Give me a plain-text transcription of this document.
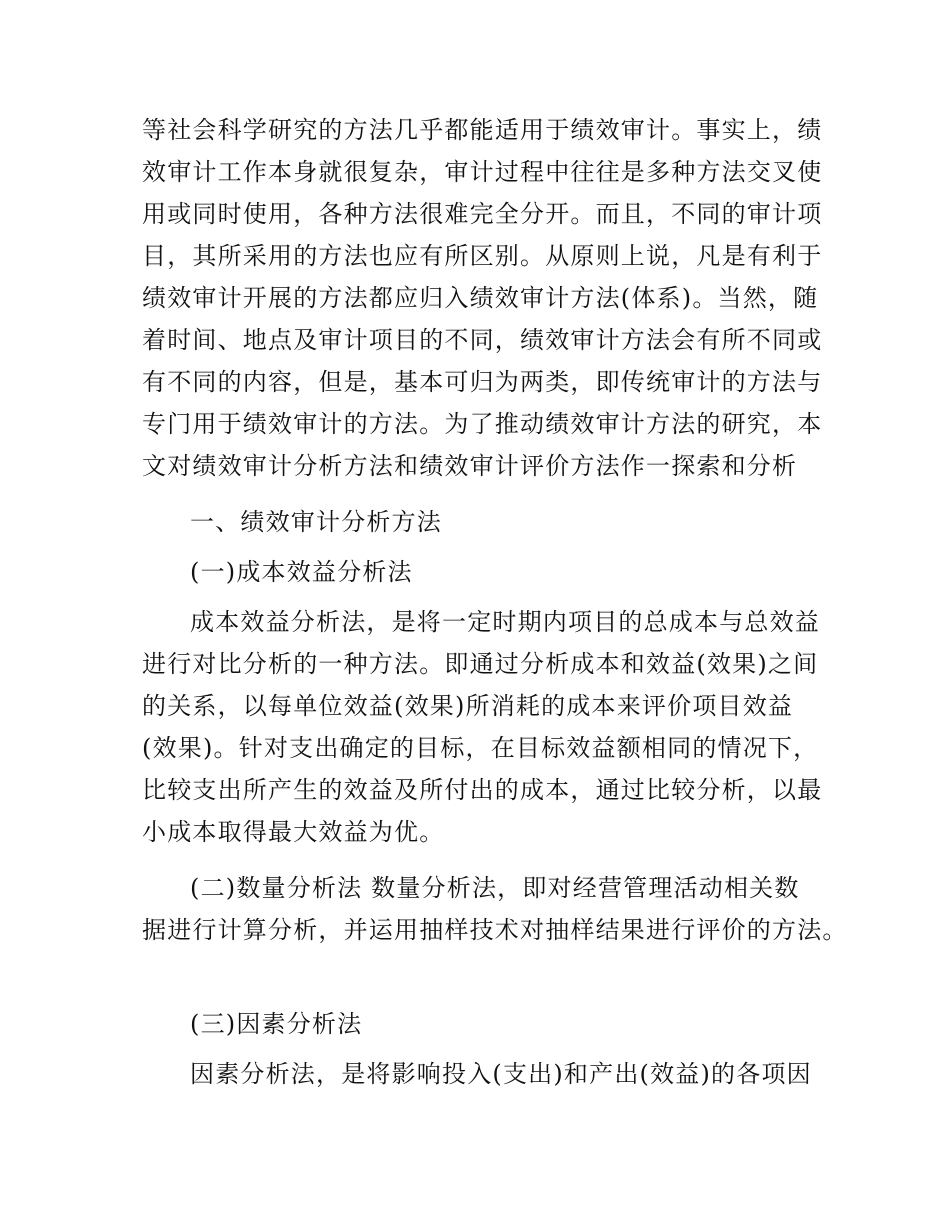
等社会科学研究的方法几乎都能适用于绩效审计。事实上，绩
效审计工作本身就很复杂，审计过程中往往是多种方法交叉使
用或同时使用，各种方法很难完全分开。而且，不同的审计项
目，其所采用的方法也应有所区别。从原则上说，凡是有利于
绩效审计开展的方法都应归入绩效审计方法(体系)。当然，随
着时间、地点及审计项目的不同，绩效审计方法会有所不同或
有不同的内容，但是，基本可归为两类，即传统审计的方法与
专门用于绩效审计的方法。为了推动绩效审计方法的研究，本
文对绩效审计分析方法和绩效审计评价方法作一探索和分析
一、绩效审计分析方法
(一)成本效益分析法
成本效益分析法，是将一定时期内项目的总成本与总效益
进行对比分析的一种方法。即通过分析成本和效益(效果)之间
的关系，以每单位效益(效果)所消耗的成本来评价项目效益
(效果)。针对支出确定的目标，在目标效益额相同的情况下，
比较支出所产生的效益及所付出的成本，通过比较分析，以最
小成本取得最大效益为优。
(二)数量分析法 数量分析法，即对经营管理活动相关数
据进行计算分析，并运用抽样技术对抽样结果进行评价的方法。
(三)因素分析法
因素分析法，是将影响投入(支出)和产出(效益)的各项因
